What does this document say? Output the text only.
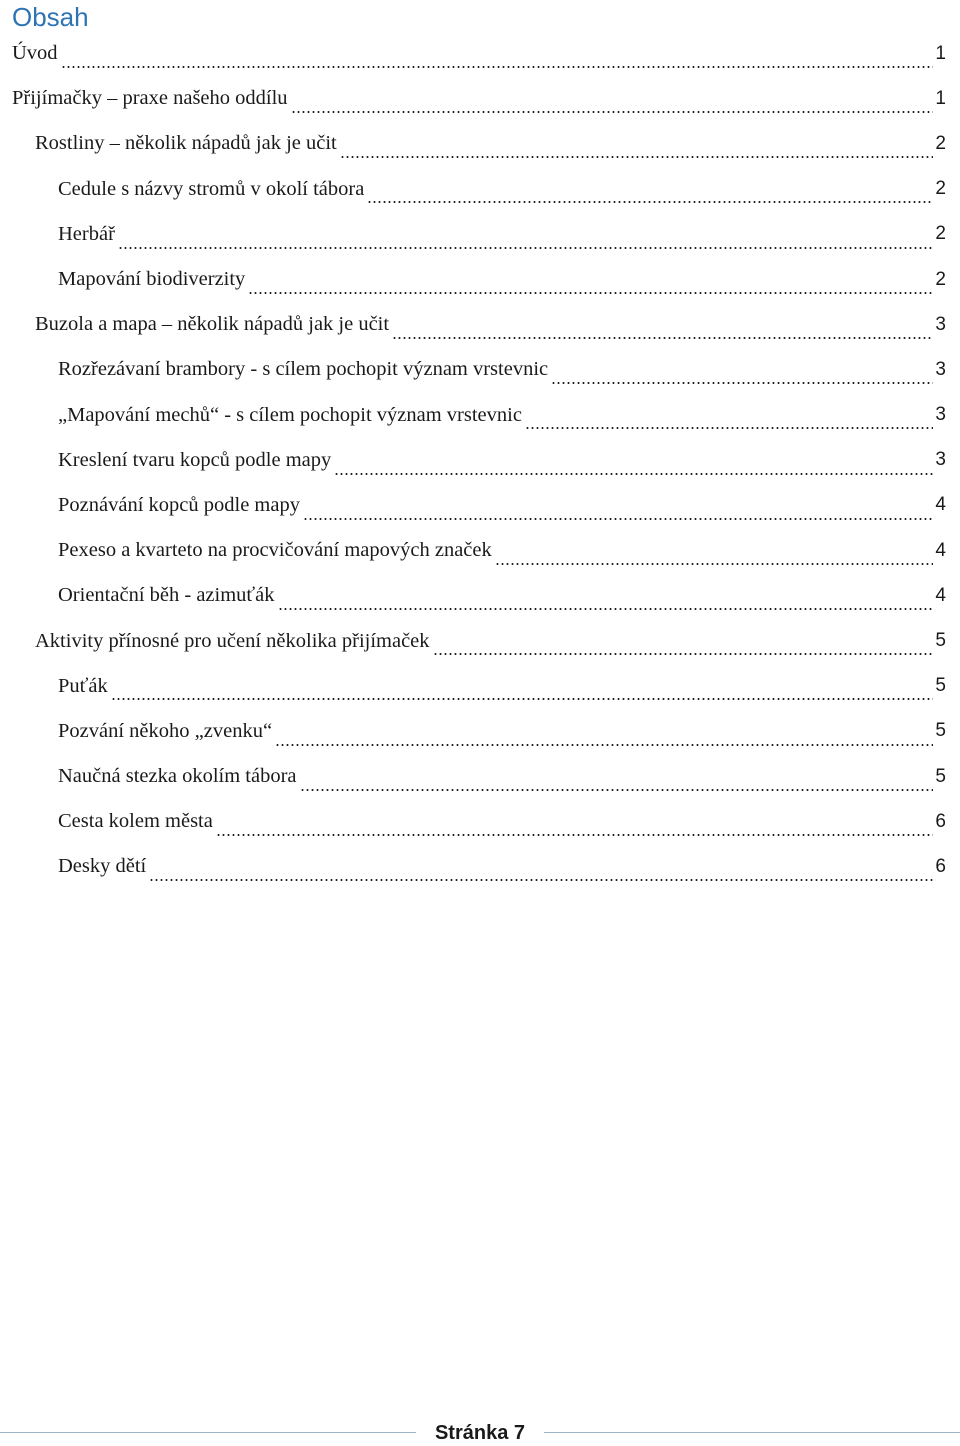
Obsah
Úvod	1
Přijímačky – praxe našeho oddílu	1
Rostliny – několik nápadů jak je učit	2
Cedule s názvy stromů v okolí tábora	2
Herbář	2
Mapování biodiverzity	2
Buzola a mapa – několik nápadů jak je učit	3
Rozřezávaní brambory - s cílem pochopit význam vrstevnic	3
„Mapování mechů“ - s cílem pochopit význam vrstevnic	3
Kreslení tvaru kopců podle mapy	3
Poznávání kopců podle mapy	4
Pexeso a kvarteto na procvičování mapových značek	4
Orientační běh - azimuťák	4
Aktivity přínosné pro učení několika přijímaček	5
Puťák	5
Pozvání někoho „zvenku“	5
Naučná stezka okolím tábora	5
Cesta kolem města	6
Desky dětí	6
Stránka 7
